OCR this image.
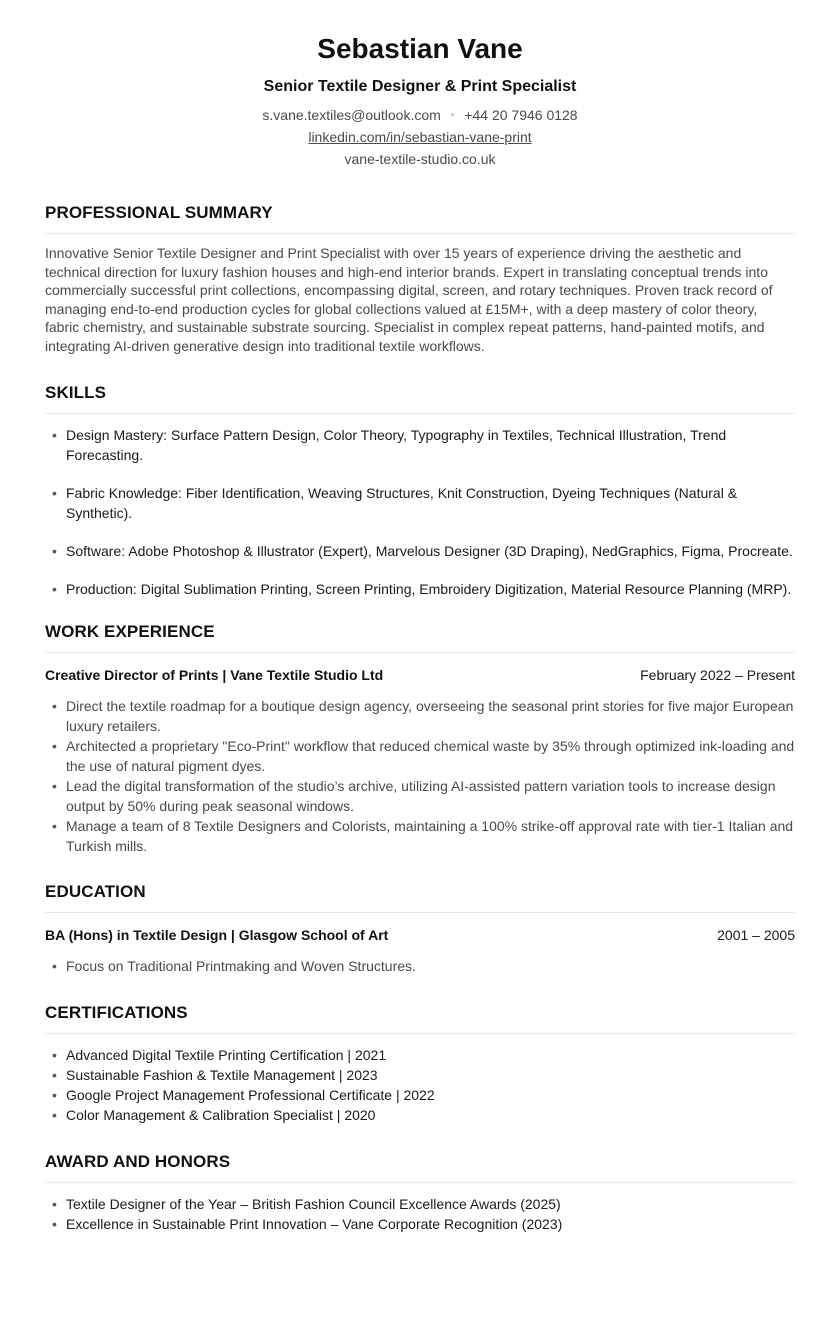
Sebastian Vane
Senior Textile Designer & Print Specialist
s.vane.textiles@outlook.com • +44 20 7946 0128
linkedin.com/in/sebastian-vane-print
vane-textile-studio.co.uk
PROFESSIONAL SUMMARY
Innovative Senior Textile Designer and Print Specialist with over 15 years of experience driving the aesthetic and technical direction for luxury fashion houses and high-end interior brands. Expert in translating conceptual trends into commercially successful print collections, encompassing digital, screen, and rotary techniques. Proven track record of managing end-to-end production cycles for global collections valued at £15M+, with a deep mastery of color theory, fabric chemistry, and sustainable substrate sourcing. Specialist in complex repeat patterns, hand-painted motifs, and integrating AI-driven generative design into traditional textile workflows.
SKILLS
• Design Mastery: Surface Pattern Design, Color Theory, Typography in Textiles, Technical Illustration, Trend Forecasting.
• Fabric Knowledge: Fiber Identification, Weaving Structures, Knit Construction, Dyeing Techniques (Natural & Synthetic).
• Software: Adobe Photoshop & Illustrator (Expert), Marvelous Designer (3D Draping), NedGraphics, Figma, Procreate.
• Production: Digital Sublimation Printing, Screen Printing, Embroidery Digitization, Material Resource Planning (MRP).
WORK EXPERIENCE
Creative Director of Prints | Vane Textile Studio Ltd	February 2022 – Present
• Direct the textile roadmap for a boutique design agency, overseeing the seasonal print stories for five major European luxury retailers.
• Architected a proprietary "Eco-Print" workflow that reduced chemical waste by 35% through optimized ink-loading and the use of natural pigment dyes.
• Lead the digital transformation of the studio’s archive, utilizing AI-assisted pattern variation tools to increase design output by 50% during peak seasonal windows.
• Manage a team of 8 Textile Designers and Colorists, maintaining a 100% strike-off approval rate with tier-1 Italian and Turkish mills.
EDUCATION
BA (Hons) in Textile Design | Glasgow School of Art	2001 – 2005
• Focus on Traditional Printmaking and Woven Structures.
CERTIFICATIONS
• Advanced Digital Textile Printing Certification | 2021
• Sustainable Fashion & Textile Management | 2023
• Google Project Management Professional Certificate | 2022
• Color Management & Calibration Specialist | 2020
AWARD AND HONORS
• Textile Designer of the Year – British Fashion Council Excellence Awards (2025)
• Excellence in Sustainable Print Innovation – Vane Corporate Recognition (2023)
